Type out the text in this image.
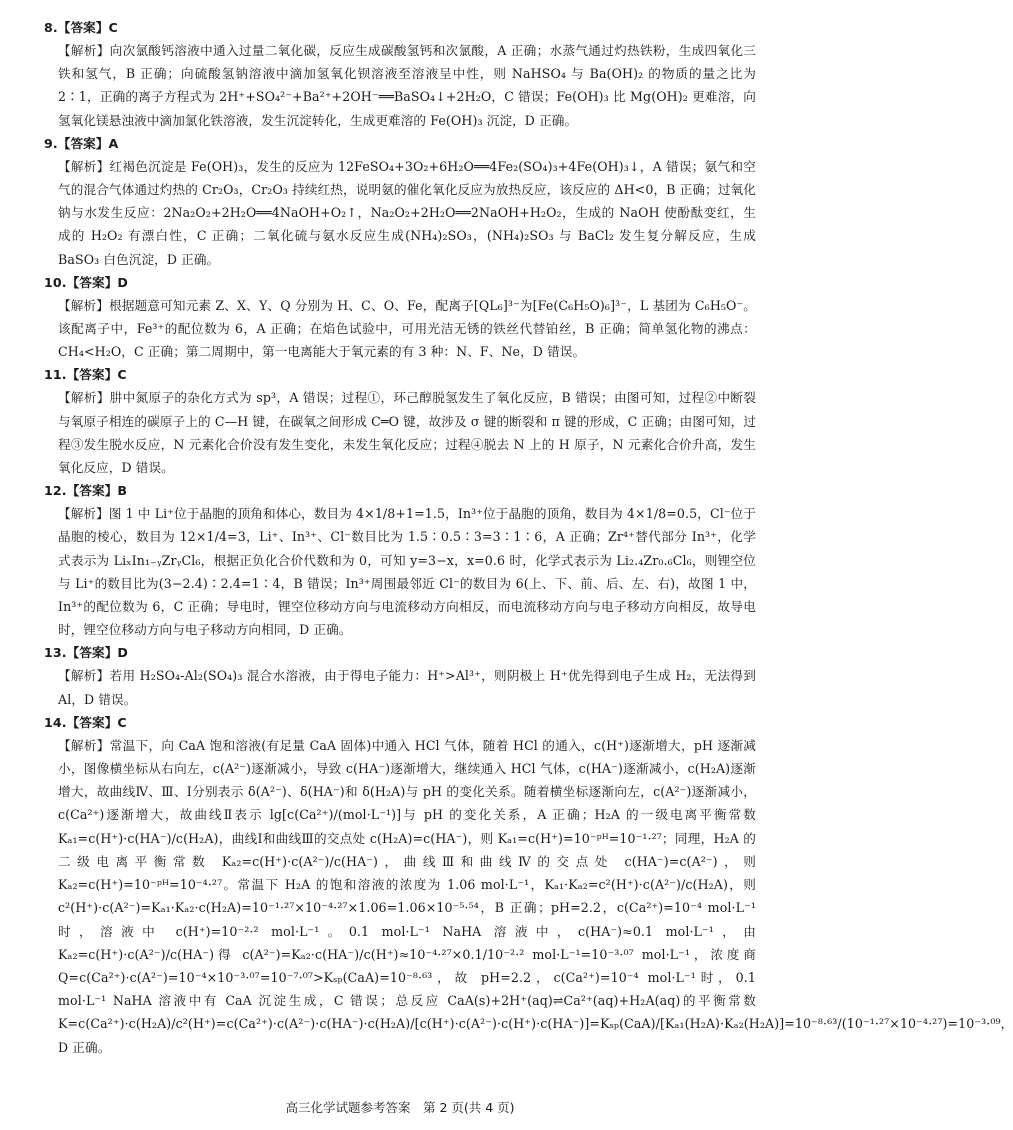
8.【答案】C

【解析】向次氯酸钙溶液中通入过量二氧化碳，反应生成碳酸氢钙和次氯酸，A 正确；水蒸气通过灼热铁粉，生成四氧化三铁和氢气，B 正确；向硫酸氢钠溶液中滴加氢氧化钡溶液至溶液呈中性，则 NaHSO₄ 与 Ba(OH)₂ 的物质的量之比为 2∶1，正确的离子方程式为 2H⁺+SO₄²⁻+Ba²⁺+2OH⁻══BaSO₄↓+2H₂O，C 错误；Fe(OH)₃ 比 Mg(OH)₂ 更难溶，向氢氧化镁悬浊液中滴加氯化铁溶液，发生沉淀转化，生成更难溶的 Fe(OH)₃ 沉淀，D 正确。

9.【答案】A

【解析】红褐色沉淀是 Fe(OH)₃，发生的反应为 12FeSO₄+3O₂+6H₂O══4Fe₂(SO₄)₃+4Fe(OH)₃↓，A 错误；氨气和空气的混合气体通过灼热的 Cr₂O₃，Cr₂O₃ 持续红热，说明氨的催化氧化反应为放热反应，该反应的 ΔH<0，B 正确；过氧化钠与水发生反应：2Na₂O₂+2H₂O══4NaOH+O₂↑，Na₂O₂+2H₂O══2NaOH+H₂O₂，生成的 NaOH 使酚酞变红，生成的 H₂O₂ 有漂白性，C 正确；二氧化硫与氨水反应生成(NH₄)₂SO₃，(NH₄)₂SO₃ 与 BaCl₂ 发生复分解反应，生成 BaSO₃ 白色沉淀，D 正确。

10.【答案】D

【解析】根据题意可知元素 Z、X、Y、Q 分别为 H、C、O、Fe，配离子[QL₆]³⁻为[Fe(C₆H₅O)₆]³⁻，L 基团为 C₆H₅O⁻。该配离子中，Fe³⁺的配位数为 6，A 正确；在焰色试验中，可用光洁无锈的铁丝代替铂丝，B 正确；简单氢化物的沸点：CH₄<H₂O，C 正确；第二周期中，第一电离能大于氧元素的有 3 种：N、F、Ne，D 错误。

11.【答案】C

【解析】肼中氮原子的杂化方式为 sp³，A 错误；过程①，环己醇脱氢发生了氧化反应，B 错误；由图可知，过程②中断裂与氧原子相连的碳原子上的 C—H 键，在碳氧之间形成 C═O 键，故涉及 σ 键的断裂和 π 键的形成，C 正确；由图可知，过程③发生脱水反应，N 元素化合价没有发生变化，未发生氧化反应；过程④脱去 N 上的 H 原子，N 元素化合价升高，发生氧化反应，D 错误。

12.【答案】B

【解析】图 1 中 Li⁺位于晶胞的顶角和体心，数目为 4×1/8+1=1.5，In³⁺位于晶胞的顶角，数目为 4×1/8=0.5，Cl⁻位于晶胞的棱心，数目为 12×1/4=3，Li⁺、In³⁺、Cl⁻数目比为 1.5∶0.5∶3=3∶1∶6，A 正确；Zr⁴⁺替代部分 In³⁺，化学式表示为 LiₓIn₁₋ᵧZrᵧCl₆，根据正负化合价代数和为 0，可知 y=3−x，x=0.6 时，化学式表示为 Li₂.₄Zr₀.₆Cl₆，则锂空位与 Li⁺的数目比为(3−2.4)∶2.4=1∶4，B 错误；In³⁺周围最邻近 Cl⁻的数目为 6(上、下、前、后、左、右)，故图 1 中，In³⁺的配位数为 6，C 正确；导电时，锂空位移动方向与电流移动方向相反，而电流移动方向与电子移动方向相反，故导电时，锂空位移动方向与电子移动方向相同，D 正确。

13.【答案】D

【解析】若用 H₂SO₄-Al₂(SO₄)₃ 混合水溶液，由于得电子能力：H⁺>Al³⁺，则阴极上 H⁺优先得到电子生成 H₂，无法得到 Al，D 错误。

14.【答案】C

【解析】常温下，向 CaA 饱和溶液(有足量 CaA 固体)中通入 HCl 气体，随着 HCl 的通入，c(H⁺)逐渐增大，pH 逐渐减小，图像横坐标从右向左，c(A²⁻)逐渐减小，导致 c(HA⁻)逐渐增大，继续通入 HCl 气体，c(HA⁻)逐渐减小，c(H₂A)逐渐增大，故曲线Ⅳ、Ⅲ、Ⅰ分别表示 δ(A²⁻)、δ(HA⁻)和 δ(H₂A)与 pH 的变化关系。随着横坐标逐渐向左，c(A²⁻)逐渐减小，c(Ca²⁺)逐渐增大，故曲线Ⅱ表示 lg[c(Ca²⁺)/(mol·L⁻¹)]与 pH 的变化关系，A 正确；H₂A 的一级电离平衡常数 Kₐ₁=c(H⁺)·c(HA⁻)/c(H₂A)，曲线Ⅰ和曲线Ⅲ的交点处 c(H₂A)=c(HA⁻)，则 Kₐ₁=c(H⁺)=10⁻ᵖᴴ=10⁻¹·²⁷；同理，H₂A 的二级电离平衡常数 Kₐ₂=c(H⁺)·c(A²⁻)/c(HA⁻)，曲线Ⅲ和曲线Ⅳ的交点处 c(HA⁻)=c(A²⁻)，则 Kₐ₂=c(H⁺)=10⁻ᵖᴴ=10⁻⁴·²⁷。常温下 H₂A 的饱和溶液的浓度为 1.06 mol·L⁻¹，Kₐ₁·Kₐ₂=c²(H⁺)·c(A²⁻)/c(H₂A)，则 c²(H⁺)·c(A²⁻)=Kₐ₁·Kₐ₂·c(H₂A)=10⁻¹·²⁷×10⁻⁴·²⁷×1.06=1.06×10⁻⁵·⁵⁴，B 正确；pH=2.2，c(Ca²⁺)=10⁻⁴ mol·L⁻¹时，溶液中 c(H⁺)=10⁻²·² mol·L⁻¹。0.1 mol·L⁻¹ NaHA 溶液中，c(HA⁻)≈0.1 mol·L⁻¹，由 Kₐ₂=c(H⁺)·c(A²⁻)/c(HA⁻)得 c(A²⁻)=Kₐ₂·c(HA⁻)/c(H⁺)≈10⁻⁴·²⁷×0.1/10⁻²·² mol·L⁻¹=10⁻³·⁰⁷ mol·L⁻¹，浓度商 Q=c(Ca²⁺)·c(A²⁻)=10⁻⁴×10⁻³·⁰⁷=10⁻⁷·⁰⁷>Kₛₚ(CaA)=10⁻⁸·⁶³，故 pH=2.2，c(Ca²⁺)=10⁻⁴ mol·L⁻¹时，0.1 mol·L⁻¹ NaHA 溶液中有 CaA 沉淀生成，C 错误；总反应 CaA(s)+2H⁺(aq)⇌Ca²⁺(aq)+H₂A(aq)的平衡常数 K=c(Ca²⁺)·c(H₂A)/c²(H⁺)=c(Ca²⁺)·c(A²⁻)·c(HA⁻)·c(H₂A)/[c(H⁺)·c(A²⁻)·c(H⁺)·c(HA⁻)]=Kₛₚ(CaA)/[Kₐ₁(H₂A)·Kₐ₂(H₂A)]=10⁻⁸·⁶³/(10⁻¹·²⁷×10⁻⁴·²⁷)=10⁻³·⁰⁹，D 正确。

高三化学试题参考答案　第 2 页(共 4 页)
